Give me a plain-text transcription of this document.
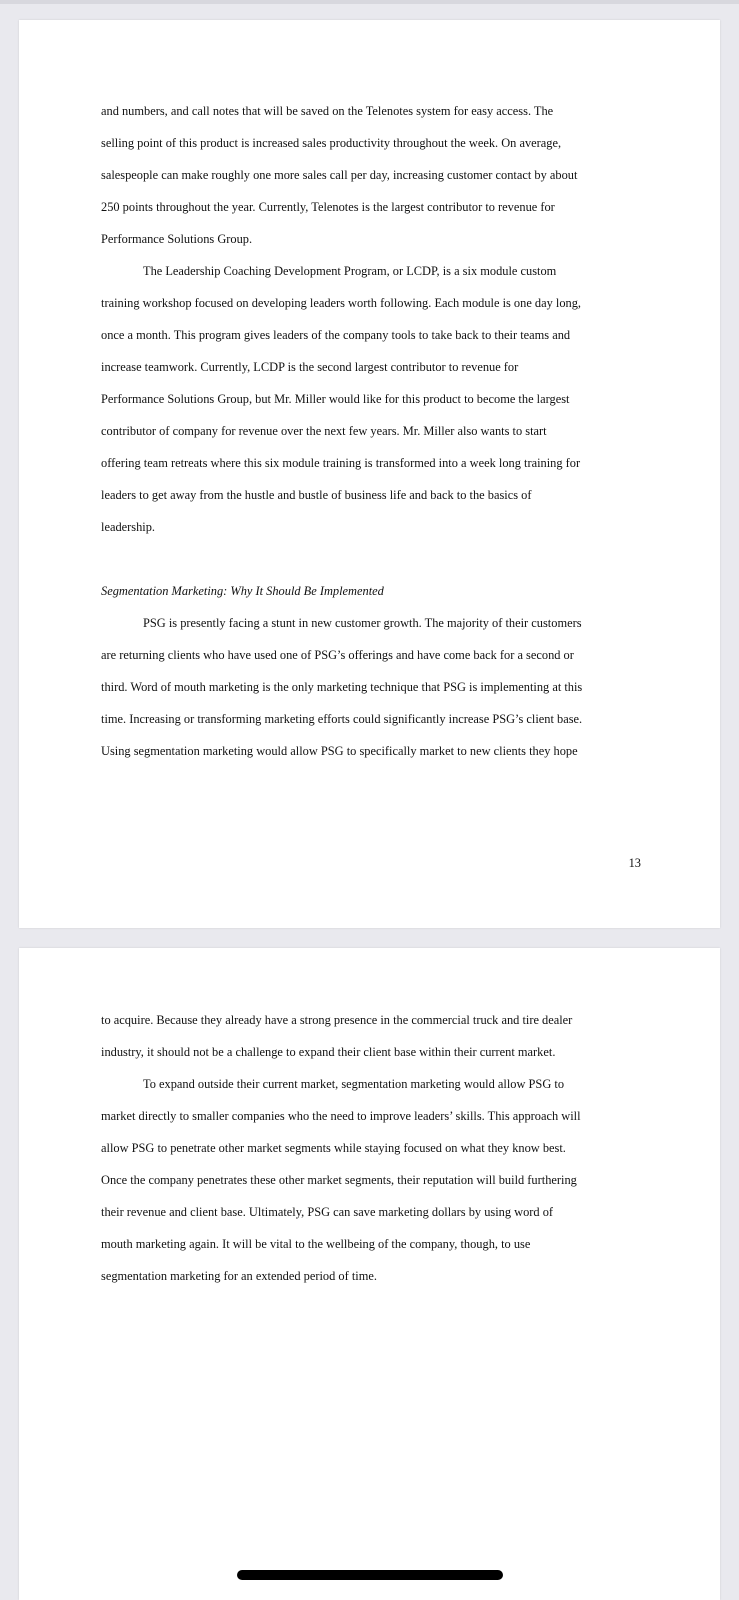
and numbers, and call notes that will be saved on the Telenotes system for easy access. The

selling point of this product is increased sales productivity throughout the week. On average,

salespeople can make roughly one more sales call per day, increasing customer contact by about

250 points throughout the year. Currently, Telenotes is the largest contributor to revenue for

Performance Solutions Group.

The Leadership Coaching Development Program, or LCDP, is a six module custom

training workshop focused on developing leaders worth following. Each module is one day long,

once a month. This program gives leaders of the company tools to take back to their teams and

increase teamwork. Currently, LCDP is the second largest contributor to revenue for

Performance Solutions Group, but Mr. Miller would like for this product to become the largest

contributor of company for revenue over the next few years. Mr. Miller also wants to start

offering team retreats where this six module training is transformed into a week long training for

leaders to get away from the hustle and bustle of business life and back to the basics of

leadership.

Segmentation Marketing: Why It Should Be Implemented

PSG is presently facing a stunt in new customer growth. The majority of their customers

are returning clients who have used one of PSG’s offerings and have come back for a second or

third. Word of mouth marketing is the only marketing technique that PSG is implementing at this

time. Increasing or transforming marketing efforts could significantly increase PSG’s client base.

Using segmentation marketing would allow PSG to specifically market to new clients they hope

13

to acquire. Because they already have a strong presence in the commercial truck and tire dealer

industry, it should not be a challenge to expand their client base within their current market.

To expand outside their current market, segmentation marketing would allow PSG to

market directly to smaller companies who the need to improve leaders’ skills. This approach will

allow PSG to penetrate other market segments while staying focused on what they know best.

Once the company penetrates these other market segments, their reputation will build furthering

their revenue and client base. Ultimately, PSG can save marketing dollars by using word of

mouth marketing again. It will be vital to the wellbeing of the company, though, to use

segmentation marketing for an extended period of time.
